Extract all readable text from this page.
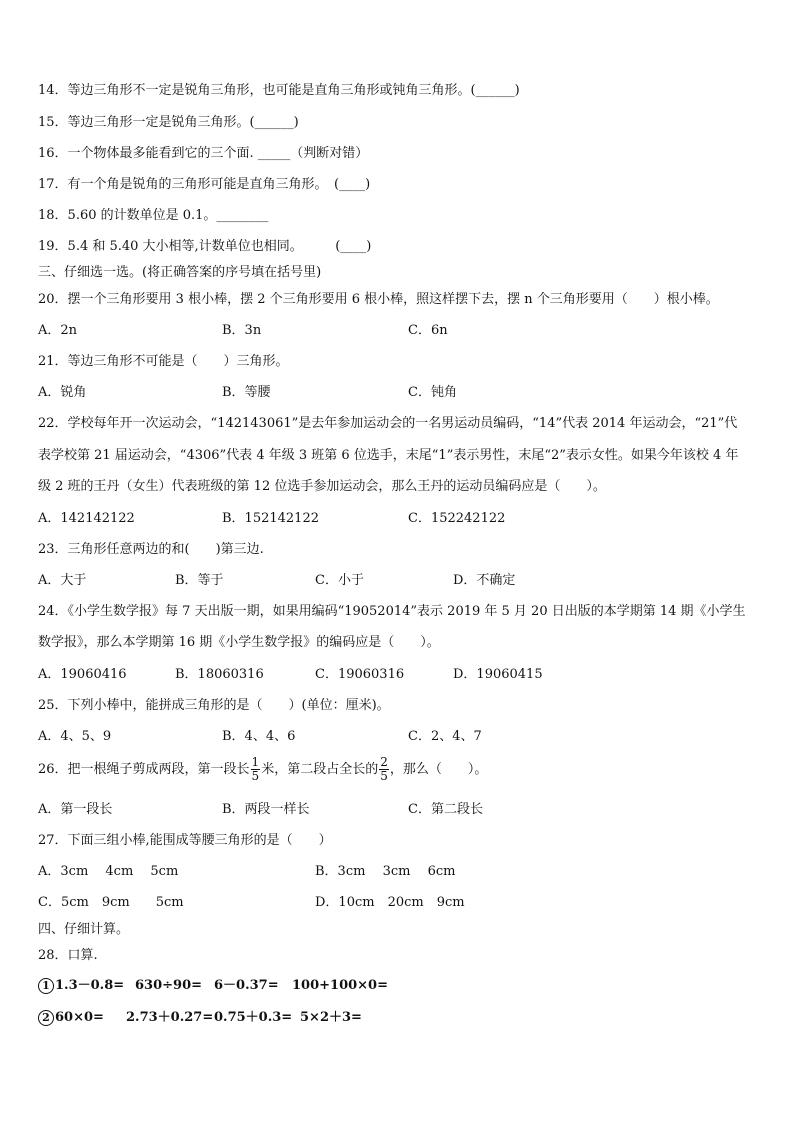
14．等边三角形不一定是锐角三角形，也可能是直角三角形或钝角三角形。(______)
15．等边三角形一定是锐角三角形。(______)
16．一个物体最多能看到它的三个面. _____（判断对错）
17．有一个角是锐角的三角形可能是直角三角形。　(____)
18．5.60 的计数单位是 0.1。________
19．5.4 和 5.40 大小相等,计数单位也相同。　　　(____)
三、仔细选一选。(将正确答案的序号填在括号里)
20．摆一个三角形要用 3 根小棒，摆 2 个三角形要用 6 根小棒，照这样摆下去，摆 n 个三角形要用（　　）根小棒。
A．2n	B．3n	C．6n
21．等边三角形不可能是（　　）三角形。
A．锐角	B．等腰	C．钝角
22．学校每年开一次运动会，“142143061”是去年参加运动会的一名男运动员编码，“14”代表 2014 年运动会，“21”代
表学校第 21 届运动会，“4306”代表 4 年级 3 班第 6 位选手，末尾“1”表示男性，末尾“2”表示女性。如果今年该校 4 年
级 2 班的王丹（女生）代表班级的第 12 位选手参加运动会，那么王丹的运动员编码应是（　　）。
A．142142122	B．152142122	C．152242122
23．三角形任意两边的和(　　)第三边.
A．大于	B．等于	C．小于	D．不确定
24．《小学生数学报》每 7 天出版一期，如果用编码“19052014”表示 2019 年 5 月 20 日出版的本学期第 14 期《小学生
数学报》，那么本学期第 16 期《小学生数学报》的编码应是（　　）。
A．19060416	B．18060316	C．19060316	D．19060415
25．下列小棒中，能拼成三角形的是（　　）(单位：厘米)。
A．4、5、9	B．4、4、6	C．2、4、7
26．把一根绳子剪成两段，第一段长 $\frac{1}{5}$ 米，第二段占全长的 $\frac{2}{5}$ ，那么（　　）。
A．第一段长	B．两段一样长	C．第二段长
27．下面三组小棒,能围成等腰三角形的是（　　）
A．3cm　 4cm　 5cm	B．3cm　 3cm　 6cm
C．5cm　9cm　　5cm	D．10cm　20cm　9cm
四、仔细计算。
28．口算.
1 1.3－0.8= 630÷90= 6－0.37= 100+100×0=
2 60×0= 2.73＋0.27= 0.75＋0.3= 5×2＋3=
